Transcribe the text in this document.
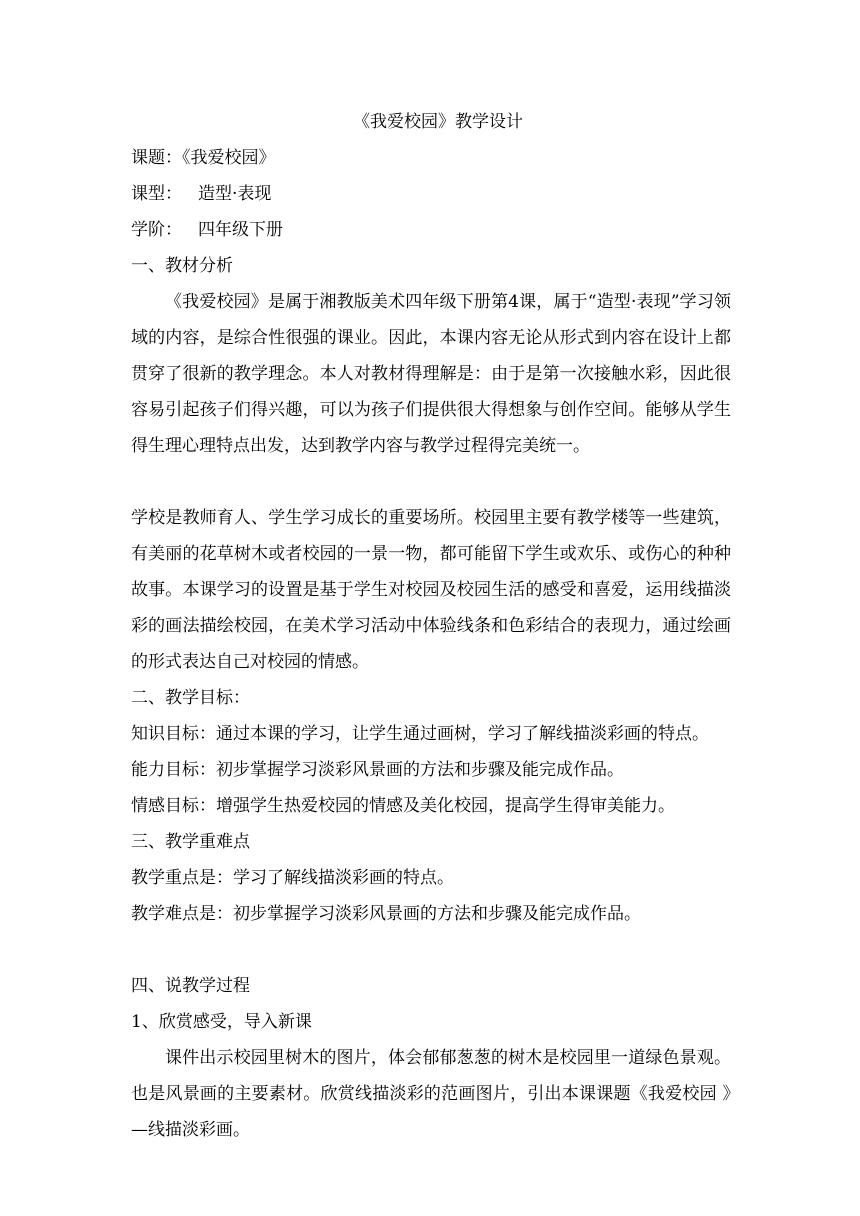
《我爱校园》教学设计
课题：《我爱校园》
课型： 造型·表现
学阶： 四年级下册
一、教材分析

《我爱校园》是属于湘教版美术四年级下册第4课，属于“造型·表现”学习领域的内容，是综合性很强的课业。因此，本课内容无论从形式到内容在设计上都贯穿了很新的教学理念。本人对教材得理解是：由于是第一次接触水彩，因此很容易引起孩子们得兴趣，可以为孩子们提供很大得想象与创作空间。能够从学生得生理心理特点出发，达到教学内容与教学过程得完美统一。

学校是教师育人、学生学习成长的重要场所。校园里主要有教学楼等一些建筑，有美丽的花草树木或者校园的一景一物，都可能留下学生或欢乐、或伤心的种种故事。本课学习的设置是基于学生对校园及校园生活的感受和喜爱，运用线描淡彩的画法描绘校园，在美术学习活动中体验线条和色彩结合的表现力，通过绘画的形式表达自己对校园的情感。

二、教学目标：
知识目标：通过本课的学习，让学生通过画树，学习了解线描淡彩画的特点。
能力目标：初步掌握学习淡彩风景画的方法和步骤及能完成作品。
情感目标：增强学生热爱校园的情感及美化校园，提高学生得审美能力。
三、教学重难点
教学重点是：学习了解线描淡彩画的特点。
教学难点是：初步掌握学习淡彩风景画的方法和步骤及能完成作品。
四、说教学过程
1、欣赏感受，导入新课

课件出示校园里树木的图片，体会郁郁葱葱的树木是校园里一道绿色景观。也是风景画的主要素材。欣赏线描淡彩的范画图片，引出本课课题《我爱校园 》—线描淡彩画。
